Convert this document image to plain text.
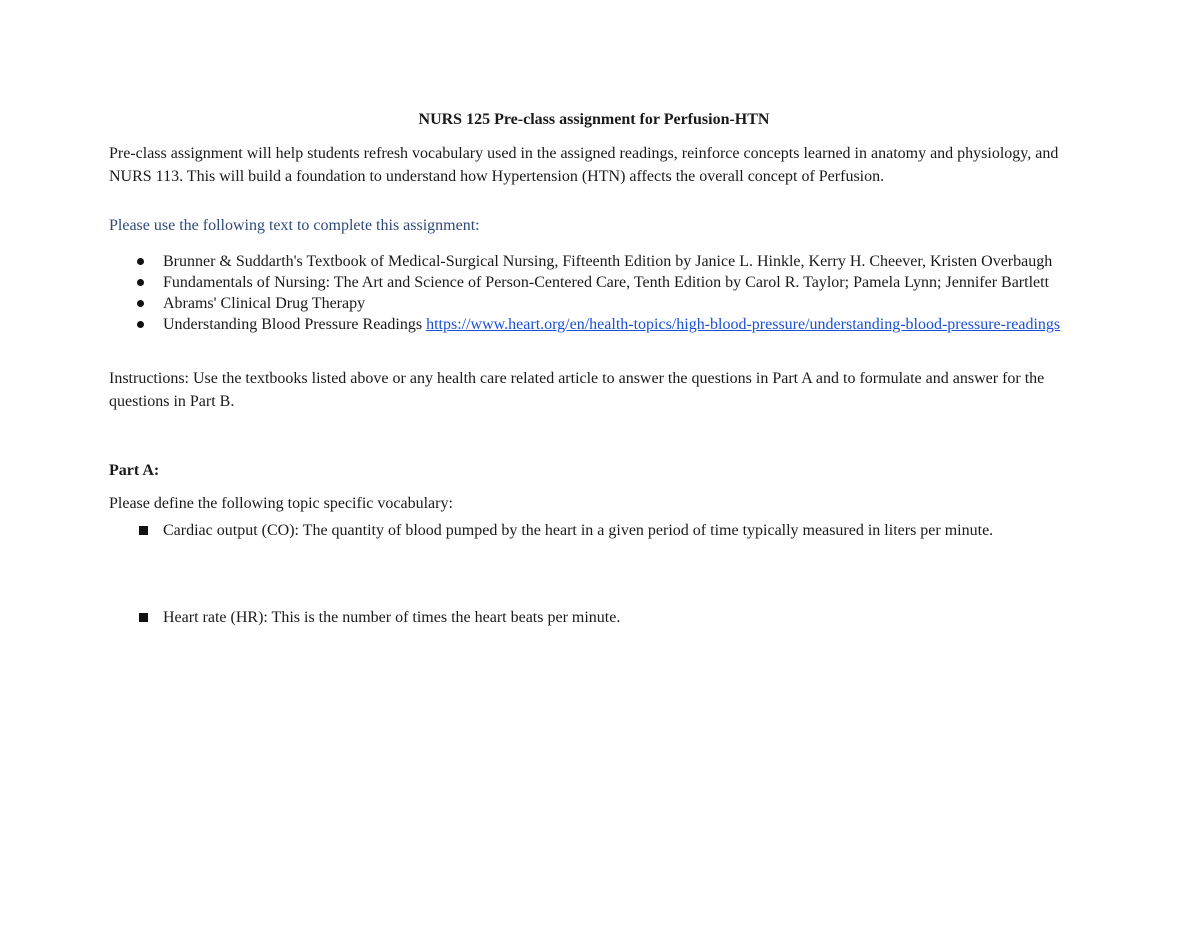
NURS 125 Pre-class assignment for Perfusion-HTN

Pre-class assignment will help students refresh vocabulary used in the assigned readings, reinforce concepts learned in anatomy and physiology, and NURS 113. This will build a foundation to understand how Hypertension (HTN) affects the overall concept of Perfusion.

Please use the following text to complete this assignment:

Brunner & Suddarth's Textbook of Medical-Surgical Nursing, Fifteenth Edition by Janice L. Hinkle, Kerry H. Cheever, Kristen Overbaugh
Fundamentals of Nursing: The Art and Science of Person-Centered Care, Tenth Edition by Carol R. Taylor; Pamela Lynn; Jennifer Bartlett
Abrams' Clinical Drug Therapy
Understanding Blood Pressure Readings https://www.heart.org/en/health-topics/high-blood-pressure/understanding-blood-pressure-readings

Instructions: Use the textbooks listed above or any health care related article to answer the questions in Part A and to formulate and answer for the questions in Part B.

Part A:

Please define the following topic specific vocabulary:

Cardiac output (CO): The quantity of blood pumped by the heart in a given period of time typically measured in liters per minute.
Heart rate (HR): This is the number of times the heart beats per minute.
